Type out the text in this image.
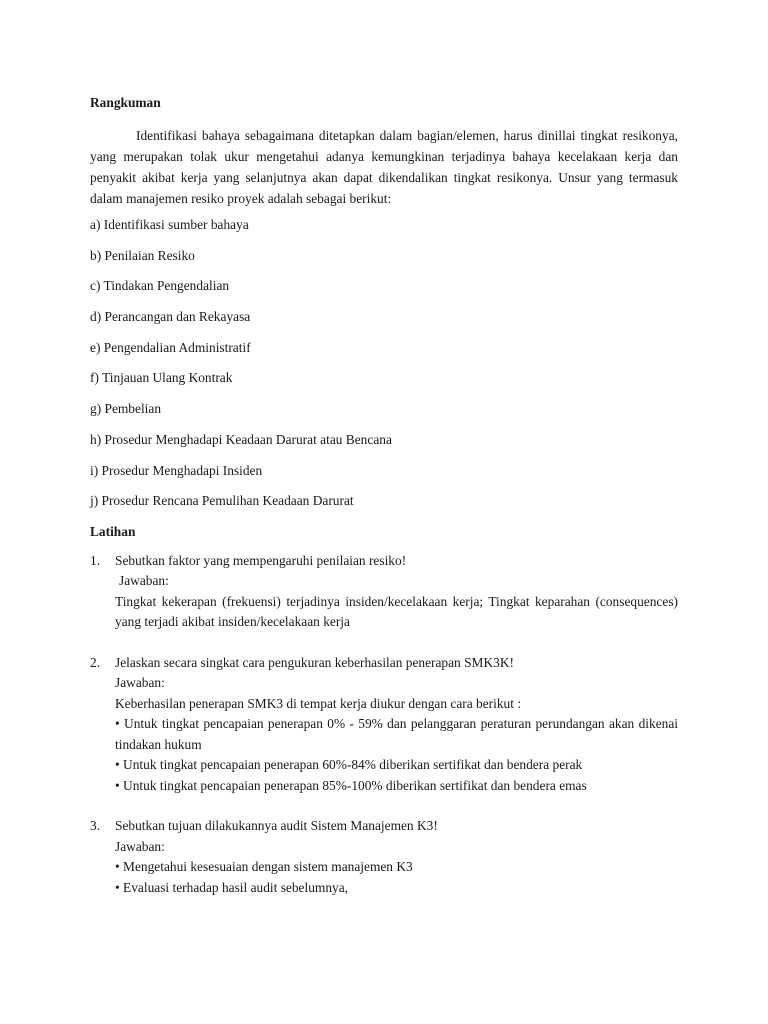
Rangkuman

Identifikasi bahaya sebagaimana ditetapkan dalam bagian/elemen, harus dinillai tingkat resikonya, yang merupakan tolak ukur mengetahui adanya kemungkinan terjadinya bahaya kecelakaan kerja dan penyakit akibat kerja yang selanjutnya akan dapat dikendalikan tingkat resikonya. Unsur yang termasuk dalam manajemen resiko proyek adalah sebagai berikut:

a) Identifikasi sumber bahaya
b) Penilaian Resiko
c) Tindakan Pengendalian
d) Perancangan dan Rekayasa
e) Pengendalian Administratif
f) Tinjauan Ulang Kontrak
g) Pembelian
h) Prosedur Menghadapi Keadaan Darurat atau Bencana
i) Prosedur Menghadapi Insiden
j) Prosedur Rencana Pemulihan Keadaan Darurat

Latihan

1. Sebutkan faktor yang mempengaruhi penilaian resiko!
Jawaban:
Tingkat kekerapan (frekuensi) terjadinya insiden/kecelakaan kerja; Tingkat keparahan (consequences) yang terjadi akibat insiden/kecelakaan kerja
2. Jelaskan secara singkat cara pengukuran keberhasilan penerapan SMK3K!
Jawaban:
Keberhasilan penerapan SMK3 di tempat kerja diukur dengan cara berikut :
• Untuk tingkat pencapaian penerapan 0% - 59% dan pelanggaran peraturan perundangan akan dikenai tindakan hukum
• Untuk tingkat pencapaian penerapan 60%-84% diberikan sertifikat dan bendera perak
• Untuk tingkat pencapaian penerapan 85%-100% diberikan sertifikat dan bendera emas
3. Sebutkan tujuan dilakukannya audit Sistem Manajemen K3!
Jawaban:
• Mengetahui kesesuaian dengan sistem manajemen K3
• Evaluasi terhadap hasil audit sebelumnya,
